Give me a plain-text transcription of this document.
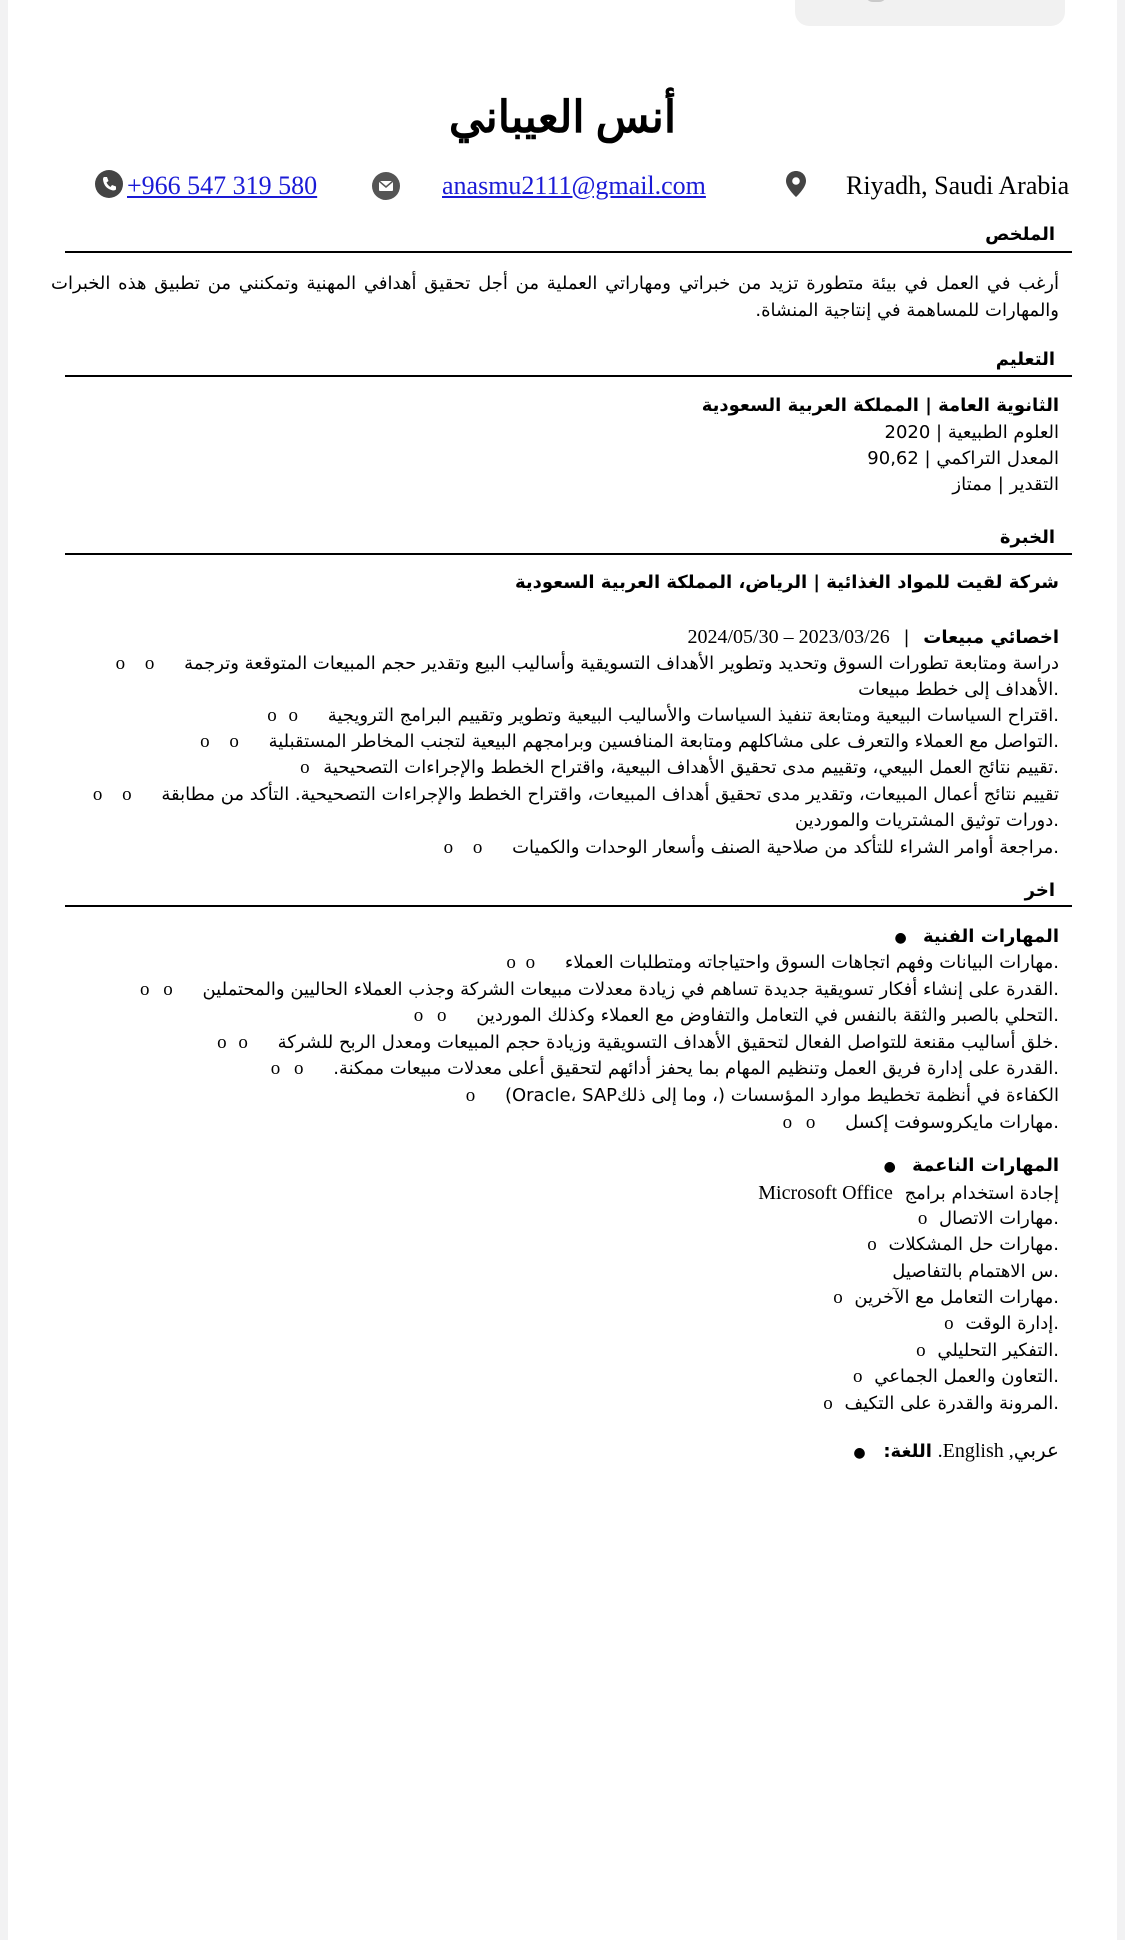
أنس العيباني
+966 547 319 580	anasmu2111@gmail.com	Riyadh, Saudi Arabia
الملخص
أرغب في العمل في بيئة متطورة تزيد من خبراتي ومهاراتي العملية من أجل تحقيق أهدافي المهنية وتمكنني من تطبيق هذه الخبرات والمهارات للمساهمة في إنتاجية المنشاة.
التعليم
الثانوية العامة | المملكة العربية السعودية
العلوم الطبيعية | 2020
المعدل التراكمي | 90,62
التقدير | ممتاز
الخبرة
شركة لقيت للمواد الغذائية | الرياض، المملكة العربية السعودية
اخصائي مبيعات | 2024/05/30 – 2023/03/26
دراسة ومتابعة تطورات السوق وتحديد وتطوير الأهداف التسويقية وأساليب البيع وتقدير حجم المبيعات المتوقعة وترجمة o o
.الأهداف إلى خطط مبيعات
.اقتراح السياسات البيعية ومتابعة تنفيذ السياسات والأساليب البيعية وتطوير وتقييم البرامج الترويجية o o
.التواصل مع العملاء والتعرف على مشاكلهم ومتابعة المنافسين وبرامجهم البيعية لتجنب المخاطر المستقبلية o o
.تقييم نتائج العمل البيعي، وتقييم مدى تحقيق الأهداف البيعية، واقتراح الخطط والإجراءات التصحيحية o
تقييم نتائج أعمال المبيعات، وتقدير مدى تحقيق أهداف المبيعات، واقتراح الخطط والإجراءات التصحيحية. التأكد من مطابقة o o
.دورات توثيق المشتريات والموردين
.مراجعة أوامر الشراء للتأكد من صلاحية الصنف وأسعار الوحدات والكميات o o
اخر
المهارات الفنية ●
.مهارات البيانات وفهم اتجاهات السوق واحتياجاته ومتطلبات العملاء o o
.القدرة على إنشاء أفكار تسويقية جديدة تساهم في زيادة معدلات مبيعات الشركة وجذب العملاء الحاليين والمحتملين o o
.التحلي بالصبر والثقة بالنفس في التعامل والتفاوض مع العملاء وكذلك الموردين o o
.خلق أساليب مقنعة للتواصل الفعال لتحقيق الأهداف التسويقية وزيادة حجم المبيعات ومعدل الربح للشركة o o
.القدرة على إدارة فريق العمل وتنظيم المهام بما يحفز أدائهم لتحقيق أعلى معدلات مبيعات ممكنة. o o
الكفاءة في أنظمة تخطيط موارد المؤسسات (، وما إلى ذلكOracle، SAP) o
.مهارات مايكروسوفت إكسل o o
المهارات الناعمة ●
إجادة استخدام برامج Microsoft Office
.مهارات الاتصال o
.مهارات حل المشكلات o
.س الاهتمام بالتفاصيل
.مهارات التعامل مع الآخرين o
.إدارة الوقت o
.التفكير التحليلي o
.التعاون والعمل الجماعي o
.المرونة والقدرة على التكيف o
عربي, English. اللغة: ●
